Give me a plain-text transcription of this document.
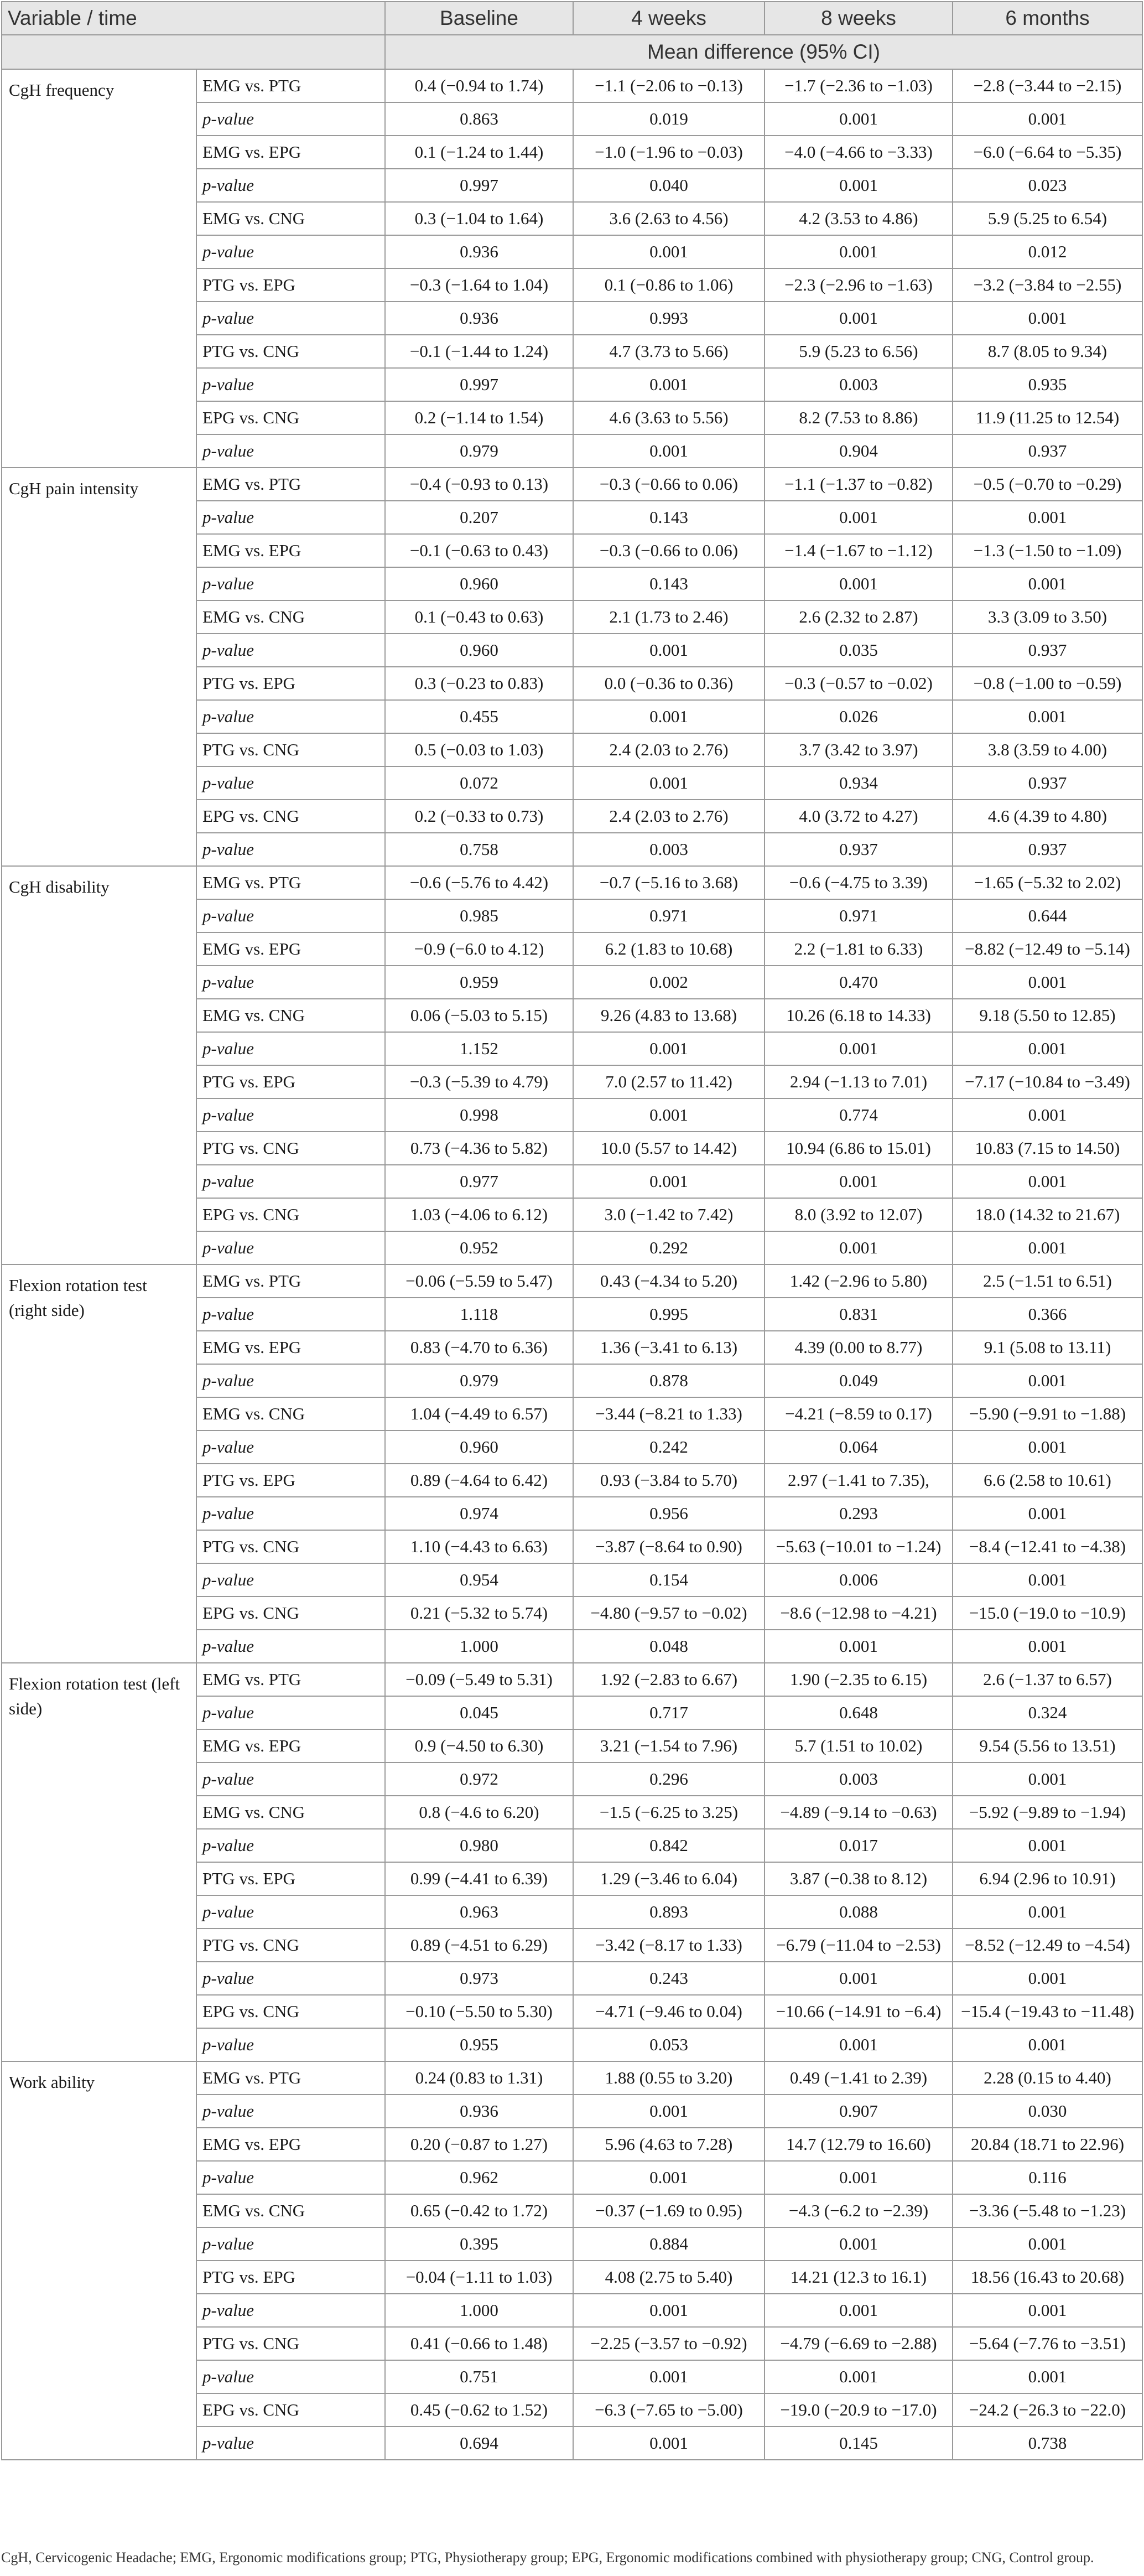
Variable / time		Baseline	4 weeks	8 weeks	6 months
		Mean difference (95% CI)			
CgH frequency	EMG vs. PTG	0.4 (−0.94 to 1.74)	−1.1 (−2.06 to −0.13)	−1.7 (−2.36 to −1.03)	−2.8 (−3.44 to −2.15)
	p-value	0.863	0.019	0.001	0.001
	EMG vs. EPG	0.1 (−1.24 to 1.44)	−1.0 (−1.96 to −0.03)	−4.0 (−4.66 to −3.33)	−6.0 (−6.64 to −5.35)
	p-value	0.997	0.040	0.001	0.023
	EMG vs. CNG	0.3 (−1.04 to 1.64)	3.6 (2.63 to 4.56)	4.2 (3.53 to 4.86)	5.9 (5.25 to 6.54)
	p-value	0.936	0.001	0.001	0.012
	PTG vs. EPG	−0.3 (−1.64 to 1.04)	0.1 (−0.86 to 1.06)	−2.3 (−2.96 to −1.63)	−3.2 (−3.84 to −2.55)
	p-value	0.936	0.993	0.001	0.001
	PTG vs. CNG	−0.1 (−1.44 to 1.24)	4.7 (3.73 to 5.66)	5.9 (5.23 to 6.56)	8.7 (8.05 to 9.34)
	p-value	0.997	0.001	0.003	0.935
	EPG vs. CNG	0.2 (−1.14 to 1.54)	4.6 (3.63 to 5.56)	8.2 (7.53 to 8.86)	11.9 (11.25 to 12.54)
	p-value	0.979	0.001	0.904	0.937
CgH pain intensity	EMG vs. PTG	−0.4 (−0.93 to 0.13)	−0.3 (−0.66 to 0.06)	−1.1 (−1.37 to −0.82)	−0.5 (−0.70 to −0.29)
	p-value	0.207	0.143	0.001	0.001
	EMG vs. EPG	−0.1 (−0.63 to 0.43)	−0.3 (−0.66 to 0.06)	−1.4 (−1.67 to −1.12)	−1.3 (−1.50 to −1.09)
	p-value	0.960	0.143	0.001	0.001
	EMG vs. CNG	0.1 (−0.43 to 0.63)	2.1 (1.73 to 2.46)	2.6 (2.32 to 2.87)	3.3 (3.09 to 3.50)
	p-value	0.960	0.001	0.035	0.937
	PTG vs. EPG	0.3 (−0.23 to 0.83)	0.0 (−0.36 to 0.36)	−0.3 (−0.57 to −0.02)	−0.8 (−1.00 to −0.59)
	p-value	0.455	0.001	0.026	0.001
	PTG vs. CNG	0.5 (−0.03 to 1.03)	2.4 (2.03 to 2.76)	3.7 (3.42 to 3.97)	3.8 (3.59 to 4.00)
	p-value	0.072	0.001	0.934	0.937
	EPG vs. CNG	0.2 (−0.33 to 0.73)	2.4 (2.03 to 2.76)	4.0 (3.72 to 4.27)	4.6 (4.39 to 4.80)
	p-value	0.758	0.003	0.937	0.937
CgH disability	EMG vs. PTG	−0.6 (−5.76 to 4.42)	−0.7 (−5.16 to 3.68)	−0.6 (−4.75 to 3.39)	−1.65 (−5.32 to 2.02)
	p-value	0.985	0.971	0.971	0.644
	EMG vs. EPG	−0.9 (−6.0 to 4.12)	6.2 (1.83 to 10.68)	2.2 (−1.81 to 6.33)	−8.82 (−12.49 to −5.14)
	p-value	0.959	0.002	0.470	0.001
	EMG vs. CNG	0.06 (−5.03 to 5.15)	9.26 (4.83 to 13.68)	10.26 (6.18 to 14.33)	9.18 (5.50 to 12.85)
	p-value	1.152	0.001	0.001	0.001
	PTG vs. EPG	−0.3 (−5.39 to 4.79)	7.0 (2.57 to 11.42)	2.94 (−1.13 to 7.01)	−7.17 (−10.84 to −3.49)
	p-value	0.998	0.001	0.774	0.001
	PTG vs. CNG	0.73 (−4.36 to 5.82)	10.0 (5.57 to 14.42)	10.94 (6.86 to 15.01)	10.83 (7.15 to 14.50)
	p-value	0.977	0.001	0.001	0.001
	EPG vs. CNG	1.03 (−4.06 to 6.12)	3.0 (−1.42 to 7.42)	8.0 (3.92 to 12.07)	18.0 (14.32 to 21.67)
	p-value	0.952	0.292	0.001	0.001
Flexion rotation test (right side)	EMG vs. PTG	−0.06 (−5.59 to 5.47)	0.43 (−4.34 to 5.20)	1.42 (−2.96 to 5.80)	2.5 (−1.51 to 6.51)
	p-value	1.118	0.995	0.831	0.366
	EMG vs. EPG	0.83 (−4.70 to 6.36)	1.36 (−3.41 to 6.13)	4.39 (0.00 to 8.77)	9.1 (5.08 to 13.11)
	p-value	0.979	0.878	0.049	0.001
	EMG vs. CNG	1.04 (−4.49 to 6.57)	−3.44 (−8.21 to 1.33)	−4.21 (−8.59 to 0.17)	−5.90 (−9.91 to −1.88)
	p-value	0.960	0.242	0.064	0.001
	PTG vs. EPG	0.89 (−4.64 to 6.42)	0.93 (−3.84 to 5.70)	2.97 (−1.41 to 7.35),	6.6 (2.58 to 10.61)
	p-value	0.974	0.956	0.293	0.001
	PTG vs. CNG	1.10 (−4.43 to 6.63)	−3.87 (−8.64 to 0.90)	−5.63 (−10.01 to −1.24)	−8.4 (−12.41 to −4.38)
	p-value	0.954	0.154	0.006	0.001
	EPG vs. CNG	0.21 (−5.32 to 5.74)	−4.80 (−9.57 to −0.02)	−8.6 (−12.98 to −4.21)	−15.0 (−19.0 to −10.9)
	p-value	1.000	0.048	0.001	0.001
Flexion rotation test (left side)	EMG vs. PTG	−0.09 (−5.49 to 5.31)	1.92 (−2.83 to 6.67)	1.90 (−2.35 to 6.15)	2.6 (−1.37 to 6.57)
	p-value	0.045	0.717	0.648	0.324
	EMG vs. EPG	0.9 (−4.50 to 6.30)	3.21 (−1.54 to 7.96)	5.7 (1.51 to 10.02)	9.54 (5.56 to 13.51)
	p-value	0.972	0.296	0.003	0.001
	EMG vs. CNG	0.8 (−4.6 to 6.20)	−1.5 (−6.25 to 3.25)	−4.89 (−9.14 to −0.63)	−5.92 (−9.89 to −1.94)
	p-value	0.980	0.842	0.017	0.001
	PTG vs. EPG	0.99 (−4.41 to 6.39)	1.29 (−3.46 to 6.04)	3.87 (−0.38 to 8.12)	6.94 (2.96 to 10.91)
	p-value	0.963	0.893	0.088	0.001
	PTG vs. CNG	0.89 (−4.51 to 6.29)	−3.42 (−8.17 to 1.33)	−6.79 (−11.04 to −2.53)	−8.52 (−12.49 to −4.54)
	p-value	0.973	0.243	0.001	0.001
	EPG vs. CNG	−0.10 (−5.50 to 5.30)	−4.71 (−9.46 to 0.04)	−10.66 (−14.91 to −6.4)	−15.4 (−19.43 to −11.48)
	p-value	0.955	0.053	0.001	0.001
Work ability	EMG vs. PTG	0.24 (0.83 to 1.31)	1.88 (0.55 to 3.20)	0.49 (−1.41 to 2.39)	2.28 (0.15 to 4.40)
	p-value	0.936	0.001	0.907	0.030
	EMG vs. EPG	0.20 (−0.87 to 1.27)	5.96 (4.63 to 7.28)	14.7 (12.79 to 16.60)	20.84 (18.71 to 22.96)
	p-value	0.962	0.001	0.001	0.116
	EMG vs. CNG	0.65 (−0.42 to 1.72)	−0.37 (−1.69 to 0.95)	−4.3 (−6.2 to −2.39)	−3.36 (−5.48 to −1.23)
	p-value	0.395	0.884	0.001	0.001
	PTG vs. EPG	−0.04 (−1.11 to 1.03)	4.08 (2.75 to 5.40)	14.21 (12.3 to 16.1)	18.56 (16.43 to 20.68)
	p-value	1.000	0.001	0.001	0.001
	PTG vs. CNG	0.41 (−0.66 to 1.48)	−2.25 (−3.57 to −0.92)	−4.79 (−6.69 to −2.88)	−5.64 (−7.76 to −3.51)
	p-value	0.751	0.001	0.001	0.001
	EPG vs. CNG	0.45 (−0.62 to 1.52)	−6.3 (−7.65 to −5.00)	−19.0 (−20.9 to −17.0)	−24.2 (−26.3 to −22.0)
	p-value	0.694	0.001	0.145	0.738
CgH, Cervicogenic Headache; EMG, Ergonomic modifications group; PTG, Physiotherapy group; EPG, Ergonomic modifications combined with physiotherapy group; CNG, Control group.
